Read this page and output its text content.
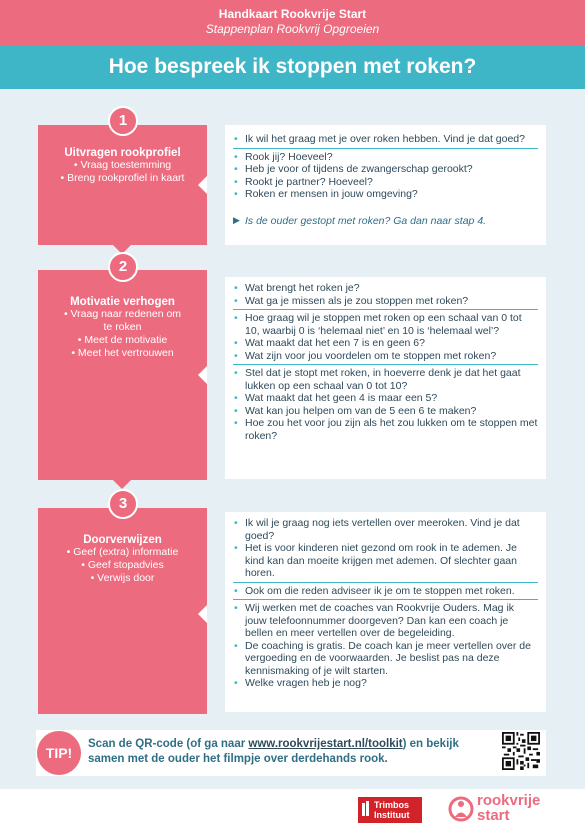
Handkaart Rookvrije Start
Stappenplan Rookvrij Opgroeien
Hoe bespreek ik stoppen met roken?
Uitvragen rookprofiel
• Vraag toestemming
• Breng rookprofiel in kaart
1
• Ik wil het graag met je over roken hebben. Vind je dat goed?
• Rook jij? Hoeveel?
• Heb je voor of tijdens de zwangerschap gerookt?
• Rookt je partner? Hoeveel?
• Roken er mensen in jouw omgeving?
▶ Is de ouder gestopt met roken? Ga dan naar stap 4.
Motivatie verhogen
• Vraag naar redenen om
te roken
• Meet de motivatie
• Meet het vertrouwen
2
• Wat brengt het roken je?
• Wat ga je missen als je zou stoppen met roken?
• Hoe graag wil je stoppen met roken op een schaal van 0 tot 10, waarbij 0 is ‘helemaal niet’ en 10 is ‘helemaal wel’?
• Wat maakt dat het een 7 is en geen 6?
• Wat zijn voor jou voordelen om te stoppen met roken?
• Stel dat je stopt met roken, in hoeverre denk je dat het gaat lukken op een schaal van 0 tot 10?
• Wat maakt dat het geen 4 is maar een 5?
• Wat kan jou helpen om van de 5 een 6 te maken?
• Hoe zou het voor jou zijn als het zou lukken om te stoppen met roken?
Doorverwijzen
• Geef (extra) informatie
• Geef stopadvies
• Verwijs door
3
• Ik wil je graag nog iets vertellen over meeroken. Vind je dat goed?
• Het is voor kinderen niet gezond om rook in te ademen. Je kind kan dan moeite krijgen met ademen. Of slechter gaan horen.
• Ook om die reden adviseer ik je om te stoppen met roken.
• Wij werken met de coaches van Rookvrije Ouders. Mag ik jouw telefoonnummer doorgeven? Dan kan een coach je bellen en meer vertellen over de begeleiding.
• De coaching is gratis. De coach kan je meer vertellen over de vergoeding en de voorwaarden. Je beslist pas na deze kennismaking of je wilt starten.
• Welke vragen heb je nog?
TIP!
Scan de QR-code (of ga naar www.rookvrijestart.nl/toolkit) en bekijk samen met de ouder het filmpje over derdehands rook.
Trimbos
Instituut
rookvrije
start
